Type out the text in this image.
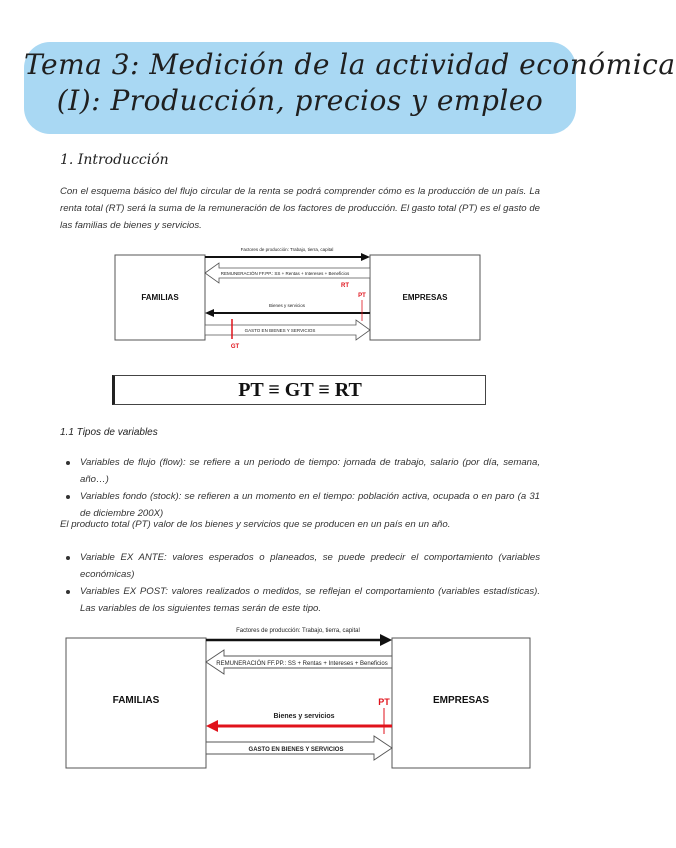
Tema 3: Medición de la actividad económica
(I): Producción, precios y empleo
1. Introducción
Con el esquema básico del flujo circular de la renta se podrá comprender cómo es la producción de un país. La renta total (RT) será la suma de la remuneración de los factores de producción. El gasto total (PT) es el gasto de las familias de bienes y servicios.
FAMILIAS	EMPRESAS
Factores de producción: Trabajo, tierra, capital
REMUNERACIÓN FF.PP.: SS + Rentas + Intereses + Beneficios
RT
Bienes y servicios
PT
GASTO EN BIENES Y SERVICIOS
GT
PT ≡ GT ≡ RT
1.1 Tipos de variables
Variables de flujo (flow): se refiere a un periodo de tiempo: jornada de trabajo, salario (por día, semana, año…)
Variables fondo (stock): se refieren a un momento en el tiempo: población activa, ocupada o en paro (a 31 de diciembre 200X)
El producto total (PT) valor de los bienes y servicios que se producen en un país en un año.
Variable EX ANTE: valores esperados o planeados, se puede predecir el comportamiento (variables económicas)
Variables EX POST: valores realizados o medidos, se reflejan el comportamiento (variables estadísticas). Las variables de los siguientes temas serán de este tipo.
FAMILIAS	EMPRESAS
Factores de producción: Trabajo, tierra, capital
REMUNERACIÓN FF.PP.: SS + Rentas + Intereses + Beneficios
Bienes y servicios
PT
GASTO EN BIENES Y SERVICIOS
